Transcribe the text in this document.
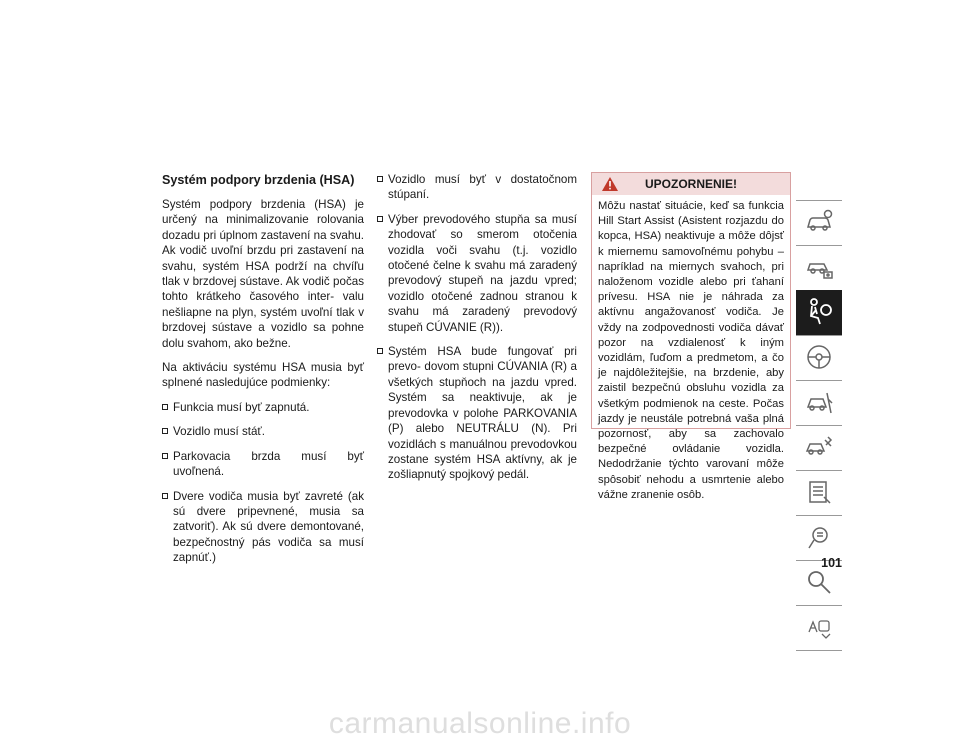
Systém podpory brzdenia (HSA)

Systém podpory brzdenia (HSA) je určený na minimalizovanie rolovania dozadu pri úplnom zastavení na svahu. Ak vodič uvoľní brzdu pri zastavení na svahu, systém HSA podrží na chvíľu tlak v brzdovej sústave. Ak vodič počas tohto krátkeho časového inter- valu nešliapne na plyn, systém uvoľní tlak v brzdovej sústave a vozidlo sa pohne dolu svahom, ako bežne.

Na aktiváciu systému HSA musia byť splnené nasledujúce podmienky:

Funkcia musí byť zapnutá.
Vozidlo musí stáť.
Parkovacia brzda musí byť uvoľnená.
Dvere vodiča musia byť zavreté (ak sú dvere pripevnené, musia sa zatvoriť). Ak sú dvere demontované, bezpečnostný pás vodiča sa musí zapnúť.)
Vozidlo musí byť v dostatočnom stúpaní.
Výber prevodového stupňa sa musí zhodovať so smerom otočenia vozidla voči svahu (t.j. vozidlo otočené čelne k svahu má zaradený prevodový stupeň na jazdu vpred; vozidlo otočené zadnou stranou k svahu má zaradený prevodový stupeň CÚVANIE (R)).
Systém HSA bude fungovať pri prevo- dovom stupni CÚVANIA (R) a všetkých stupňoch na jazdu vpred. Systém sa neaktivuje, ak je prevodovka v polohe PARKOVANIA (P) alebo NEUTRÁLU (N). Pri vozidlách s manuálnou prevodovkou zostane systém HSA aktívny, ak je zošliapnutý spojkový pedál.
UPOZORNENIE!
Môžu nastať situácie, keď sa funkcia Hill Start Assist (Asistent rozjazdu do kopca, HSA) neaktivuje a môže dôjsť k miernemu samovoľnému pohybu – napríklad na miernych svahoch, pri naloženom vozidle alebo pri ťahaní prívesu. HSA nie je náhrada za aktívnu angažovanosť vodiča. Je vždy na zodpovednosti vodiča dávať pozor na vzdialenosť k iným vozidlám, ľuďom a predmetom, a čo je najdôležitejšie, na brzdenie, aby zaistil bezpečnú obsluhu vozidla za všetkým podmienok na ceste. Počas jazdy je neustále potrebná vaša plná pozornosť, aby sa zachovalo bezpečné ovládanie vozidla. Nedodržanie týchto varovaní môže spôsobiť nehodu a usmrtenie alebo vážne zranenie osôb.
101
carmanualsonline.info
